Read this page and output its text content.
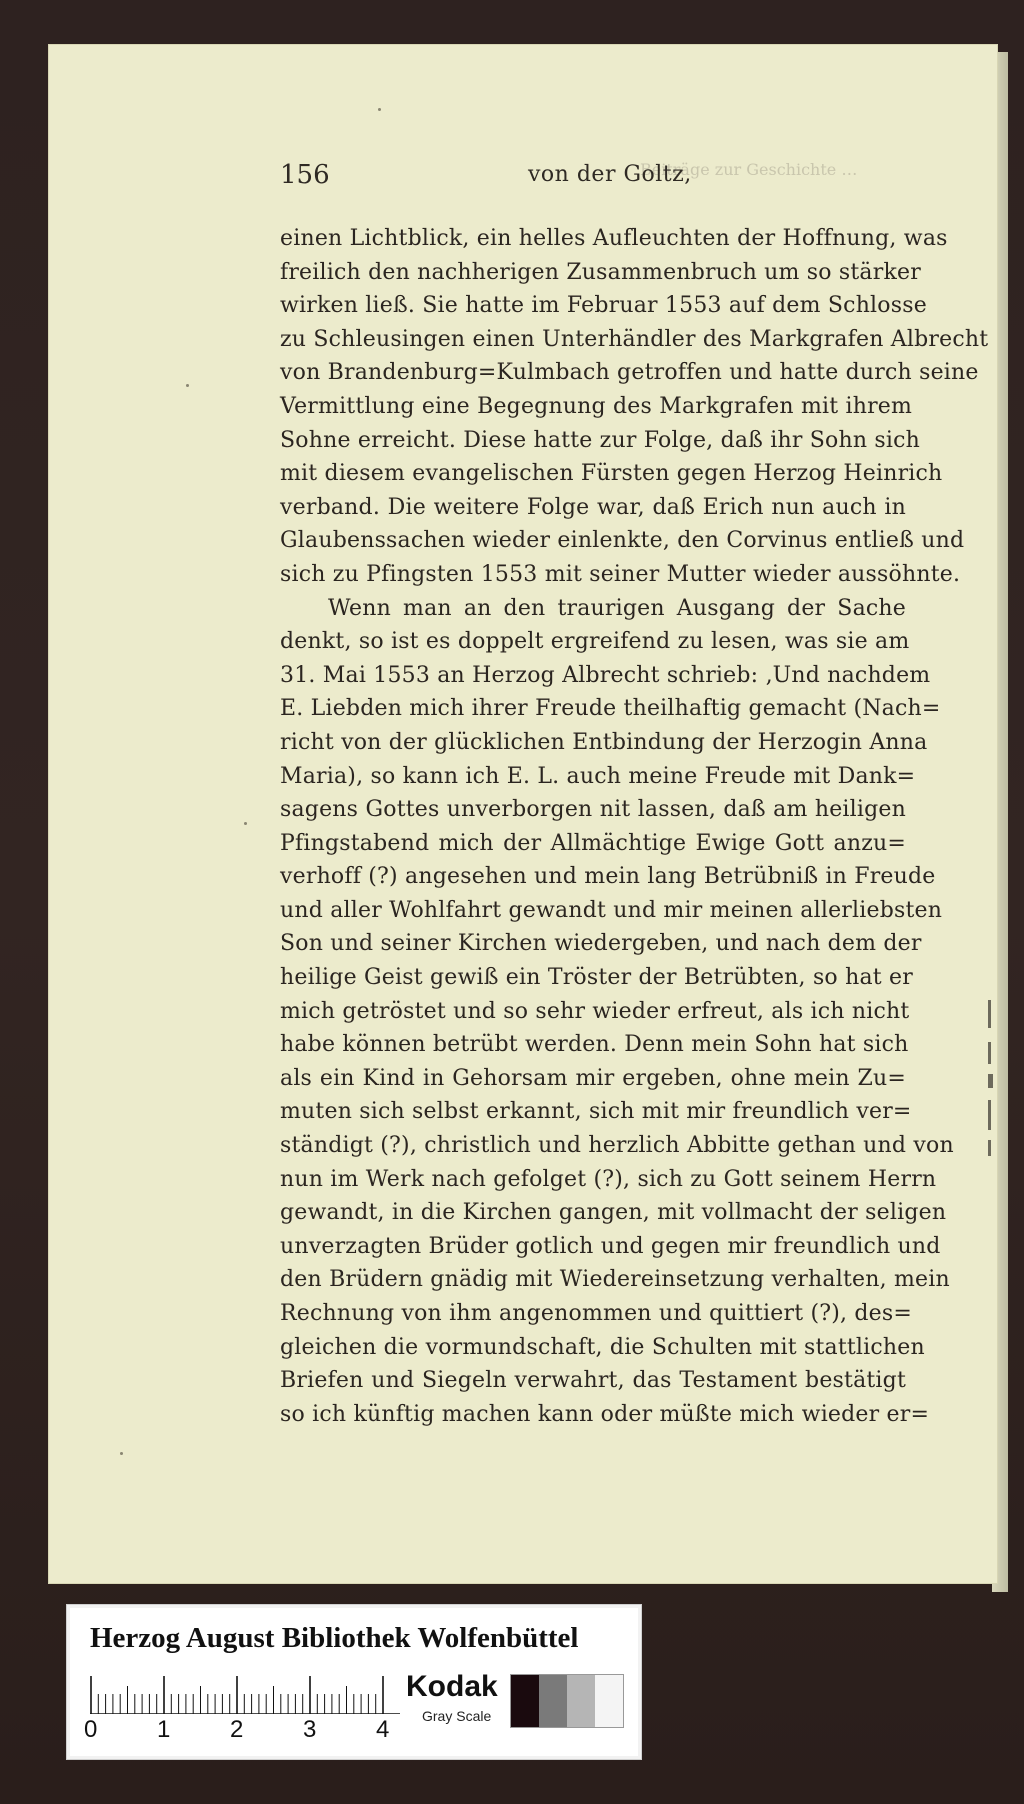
Beiträge zur Geschichte …
156	von der Goltz,
einen Lichtblick, ein helles Aufleuchten der Hoffnung, was
freilich den nachherigen Zusammenbruch um so stärker
wirken ließ. Sie hatte im Februar 1553 auf dem Schlosse
zu Schleusingen einen Unterhändler des Markgrafen Albrecht
von Brandenburg=Kulmbach getroffen und hatte durch seine
Vermittlung eine Begegnung des Markgrafen mit ihrem
Sohne erreicht. Diese hatte zur Folge, daß ihr Sohn sich
mit diesem evangelischen Fürsten gegen Herzog Heinrich
verband. Die weitere Folge war, daß Erich nun auch in
Glaubenssachen wieder einlenkte, den Corvinus entließ und
sich zu Pfingsten 1553 mit seiner Mutter wieder aussöhnte.
Wenn man an den traurigen Ausgang der Sache
denkt, so ist es doppelt ergreifend zu lesen, was sie am
31. Mai 1553 an Herzog Albrecht schrieb: ‚Und nachdem
E. Liebden mich ihrer Freude theilhaftig gemacht (Nach=
richt von der glücklichen Entbindung der Herzogin Anna
Maria), so kann ich E. L. auch meine Freude mit Dank=
sagens Gottes unverborgen nit lassen, daß am heiligen
Pfingstabend mich der Allmächtige Ewige Gott anzu=
verhoff (?) angesehen und mein lang Betrübniß in Freude
und aller Wohlfahrt gewandt und mir meinen allerliebsten
Son und seiner Kirchen wiedergeben, und nach dem der
heilige Geist gewiß ein Tröster der Betrübten, so hat er
mich getröstet und so sehr wieder erfreut, als ich nicht
habe können betrübt werden. Denn mein Sohn hat sich
als ein Kind in Gehorsam mir ergeben, ohne mein Zu=
muten sich selbst erkannt, sich mit mir freundlich ver=
ständigt (?), christlich und herzlich Abbitte gethan und von
nun im Werk nach gefolget (?), sich zu Gott seinem Herrn
gewandt, in die Kirchen gangen, mit vollmacht der seligen
unverzagten Brüder gotlich und gegen mir freundlich und
den Brüdern gnädig mit Wiedereinsetzung verhalten, mein
Rechnung von ihm angenommen und quittiert (?), des=
gleichen die vormundschaft, die Schulten mit stattlichen
Briefen und Siegeln verwahrt, das Testament bestätigt
so ich künftig machen kann oder müßte mich wieder er=
Herzog August Bibliothek Wolfenbüttel
0 1 2 3 4
Kodak
Gray Scale
